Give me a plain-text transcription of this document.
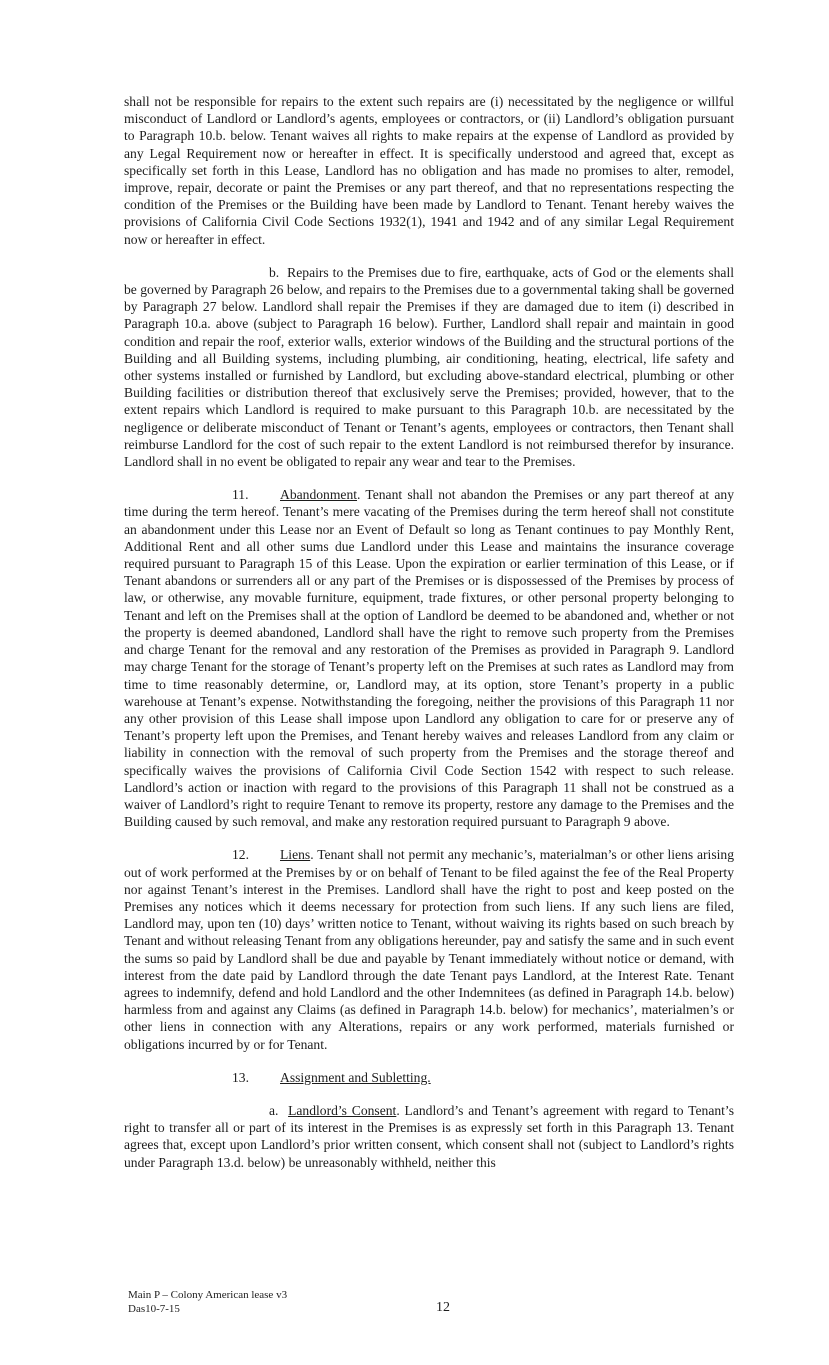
shall not be responsible for repairs to the extent such repairs are (i) necessitated by the negligence or willful misconduct of Landlord or Landlord’s agents, employees or contractors, or (ii) Landlord’s obligation pursuant to Paragraph 10.b. below. Tenant waives all rights to make repairs at the expense of Landlord as provided by any Legal Requirement now or hereafter in effect. It is specifically understood and agreed that, except as specifically set forth in this Lease, Landlord has no obligation and has made no promises to alter, remodel, improve, repair, decorate or paint the Premises or any part thereof, and that no representations respecting the condition of the Premises or the Building have been made by Landlord to Tenant. Tenant hereby waives the provisions of California Civil Code Sections 1932(1), 1941 and 1942 and of any similar Legal Requirement now or hereafter in effect.

b. Repairs to the Premises due to fire, earthquake, acts of God or the elements shall be governed by Paragraph 26 below, and repairs to the Premises due to a governmental taking shall be governed by Paragraph 27 below. Landlord shall repair the Premises if they are damaged due to item (i) described in Paragraph 10.a. above (subject to Paragraph 16 below). Further, Landlord shall repair and maintain in good condition and repair the roof, exterior walls, exterior windows of the Building and the structural portions of the Building and all Building systems, including plumbing, air conditioning, heating, electrical, life safety and other systems installed or furnished by Landlord, but excluding above-standard electrical, plumbing or other Building facilities or distribution thereof that exclusively serve the Premises; provided, however, that to the extent repairs which Landlord is required to make pursuant to this Paragraph 10.b. are necessitated by the negligence or deliberate misconduct of Tenant or Tenant’s agents, employees or contractors, then Tenant shall reimburse Landlord for the cost of such repair to the extent Landlord is not reimbursed therefor by insurance. Landlord shall in no event be obligated to repair any wear and tear to the Premises.

11. Abandonment. Tenant shall not abandon the Premises or any part thereof at any time during the term hereof. Tenant’s mere vacating of the Premises during the term hereof shall not constitute an abandonment under this Lease nor an Event of Default so long as Tenant continues to pay Monthly Rent, Additional Rent and all other sums due Landlord under this Lease and maintains the insurance coverage required pursuant to Paragraph 15 of this Lease. Upon the expiration or earlier termination of this Lease, or if Tenant abandons or surrenders all or any part of the Premises or is dispossessed of the Premises by process of law, or otherwise, any movable furniture, equipment, trade fixtures, or other personal property belonging to Tenant and left on the Premises shall at the option of Landlord be deemed to be abandoned and, whether or not the property is deemed abandoned, Landlord shall have the right to remove such property from the Premises and charge Tenant for the removal and any restoration of the Premises as provided in Paragraph 9. Landlord may charge Tenant for the storage of Tenant’s property left on the Premises at such rates as Landlord may from time to time reasonably determine, or, Landlord may, at its option, store Tenant’s property in a public warehouse at Tenant’s expense. Notwithstanding the foregoing, neither the provisions of this Paragraph 11 nor any other provision of this Lease shall impose upon Landlord any obligation to care for or preserve any of Tenant’s property left upon the Premises, and Tenant hereby waives and releases Landlord from any claim or liability in connection with the removal of such property from the Premises and the storage thereof and specifically waives the provisions of California Civil Code Section 1542 with respect to such release. Landlord’s action or inaction with regard to the provisions of this Paragraph 11 shall not be construed as a waiver of Landlord’s right to require Tenant to remove its property, restore any damage to the Premises and the Building caused by such removal, and make any restoration required pursuant to Paragraph 9 above.

12. Liens. Tenant shall not permit any mechanic’s, materialman’s or other liens arising out of work performed at the Premises by or on behalf of Tenant to be filed against the fee of the Real Property nor against Tenant’s interest in the Premises. Landlord shall have the right to post and keep posted on the Premises any notices which it deems necessary for protection from such liens. If any such liens are filed, Landlord may, upon ten (10) days’ written notice to Tenant, without waiving its rights based on such breach by Tenant and without releasing Tenant from any obligations hereunder, pay and satisfy the same and in such event the sums so paid by Landlord shall be due and payable by Tenant immediately without notice or demand, with interest from the date paid by Landlord through the date Tenant pays Landlord, at the Interest Rate. Tenant agrees to indemnify, defend and hold Landlord and the other Indemnitees (as defined in Paragraph 14.b. below) harmless from and against any Claims (as defined in Paragraph 14.b. below) for mechanics’, materialmen’s or other liens in connection with any Alterations, repairs or any work performed, materials furnished or obligations incurred by or for Tenant.

13. Assignment and Subletting.

a. Landlord’s Consent. Landlord’s and Tenant’s agreement with regard to Tenant’s right to transfer all or part of its interest in the Premises is as expressly set forth in this Paragraph 13. Tenant agrees that, except upon Landlord’s prior written consent, which consent shall not (subject to Landlord’s rights under Paragraph 13.d. below) be unreasonably withheld, neither this

Main P – Colony American lease v3
Das10-7-15	12
